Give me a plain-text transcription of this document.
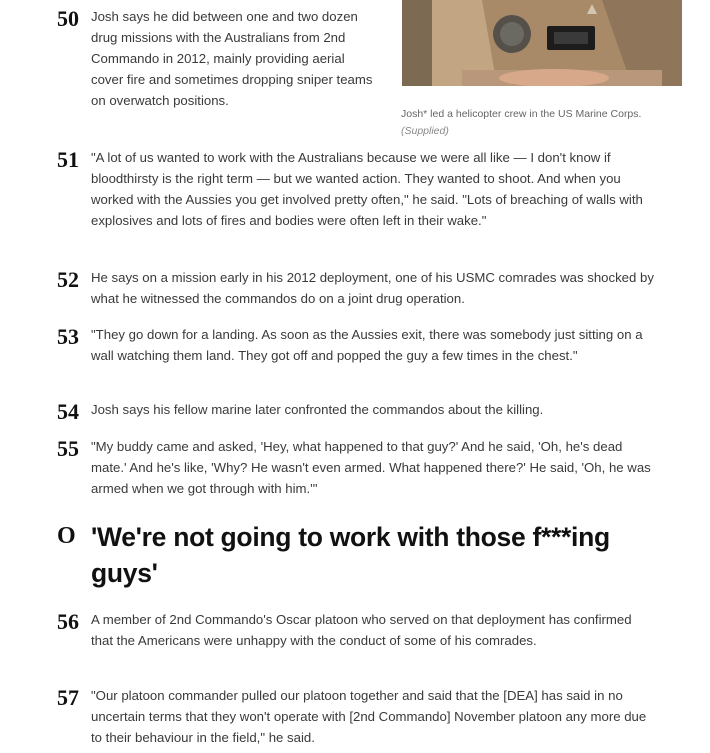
Josh* led a helicopter crew in the US Marine Corps. (Supplied)
50 Josh says he did between one and two dozen drug missions with the Australians from 2nd Commando in 2012, mainly providing aerial cover fire and sometimes dropping sniper teams on overwatch positions.
51 "A lot of us wanted to work with the Australians because we were all like — I don't know if bloodthirsty is the right term — but we wanted action. They wanted to shoot. And when you worked with the Aussies you get involved pretty often," he said. "Lots of breaching of walls with explosives and lots of fires and bodies were often left in their wake."
52 He says on a mission early in his 2012 deployment, one of his USMC comrades was shocked by what he witnessed the commandos do on a joint drug operation.
53 "They go down for a landing. As soon as the Aussies exit, there was somebody just sitting on a wall watching them land. They got off and popped the guy a few times in the chest."
54 Josh says his fellow marine later confronted the commandos about the killing.
55 "My buddy came and asked, 'Hey, what happened to that guy?' And he said, 'Oh, he's dead mate.' And he's like, 'Why? He wasn't even armed. What happened there?' He said, 'Oh, he was armed when we got through with him.'"
O 'We're not going to work with those f***ing guys'
56 A member of 2nd Commando's Oscar platoon who served on that deployment has confirmed that the Americans were unhappy with the conduct of some of his comrades.
57 "Our platoon commander pulled our platoon together and said that the [DEA] has said in no uncertain terms that they won't operate with [2nd Commando] November platoon any more due to their behaviour in the field," he said.
